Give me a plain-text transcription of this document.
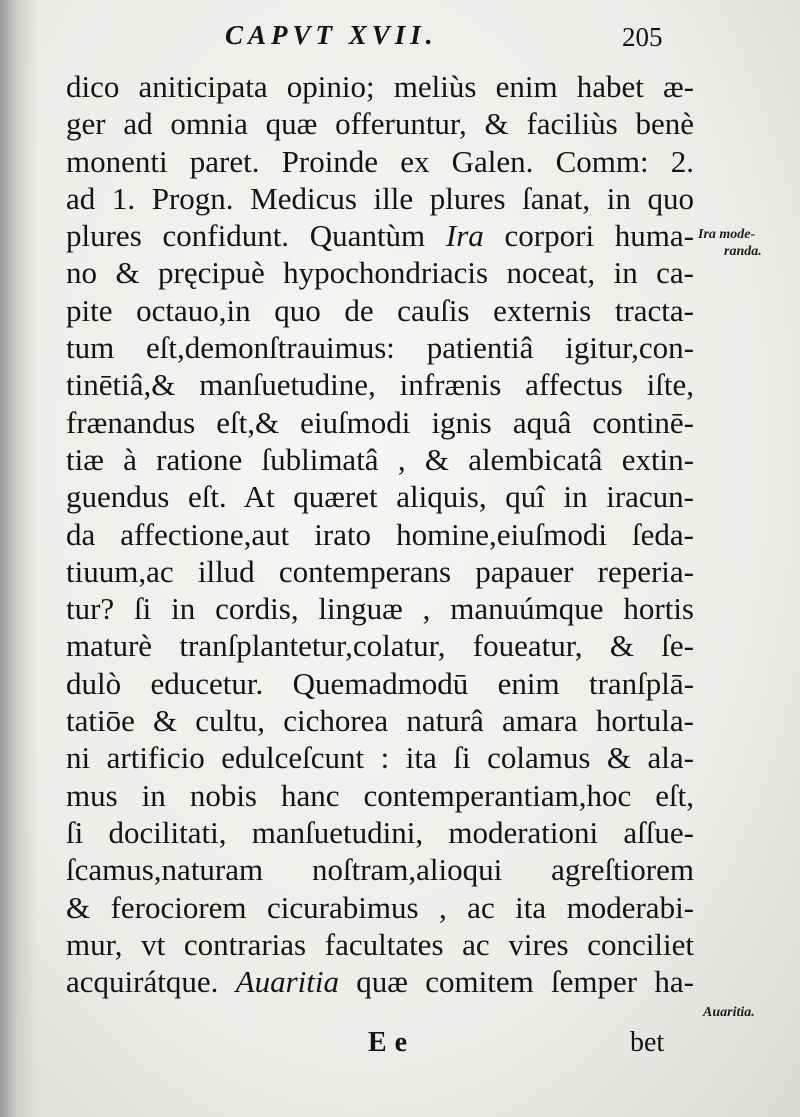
CAPVT XVII.	205
dico aniticipata opinio; meliùs enim habet æ-
ger ad omnia quæ offeruntur, & faciliùs benè
monenti paret. Proinde ex Galen. Comm: 2.
ad 1. Progn. Medicus ille plures ſanat, in quo
plures confidunt. Quantùm Ira corpori huma-
no & pręcipuè hypochondriacis noceat, in ca-
pite octauo,in quo de cauſis externis tracta-
tum eſt,demonſtrauimus: patientiâ igitur,con-
tinētiâ,& manſuetudine, infrænis affectus iſte,
frænandus eſt,& eiuſmodi ignis aquâ continē-
tiæ à ratione ſublimatâ , & alembicatâ extin-
guendus eſt. At quæret aliquis, quî in iracun-
da affectione,aut irato homine,eiuſmodi ſeda-
tiuum,ac illud contemperans papauer reperia-
tur? ſi in cordis, linguæ , manuúmque hortis
maturè tranſplantetur,colatur, foueatur, & ſe-
dulò educetur. Quemadmodū enim tranſplā-
tatiōe & cultu, cichorea naturâ amara hortula-
ni artificio edulceſcunt : ita ſi colamus & ala-
mus in nobis hanc contemperantiam,hoc eſt,
ſi docilitati, manſuetudini, moderationi aſſue-
ſcamus,naturam noſtram,alioqui agreſtiorem
& ferociorem cicurabimus , ac ita moderabi-
mur, vt contrarias facultates ac vires conciliet
acquirátque. Auaritia quæ comitem ſemper ha-
Ira mode-
randa.
Auaritia.
Ee	bet
